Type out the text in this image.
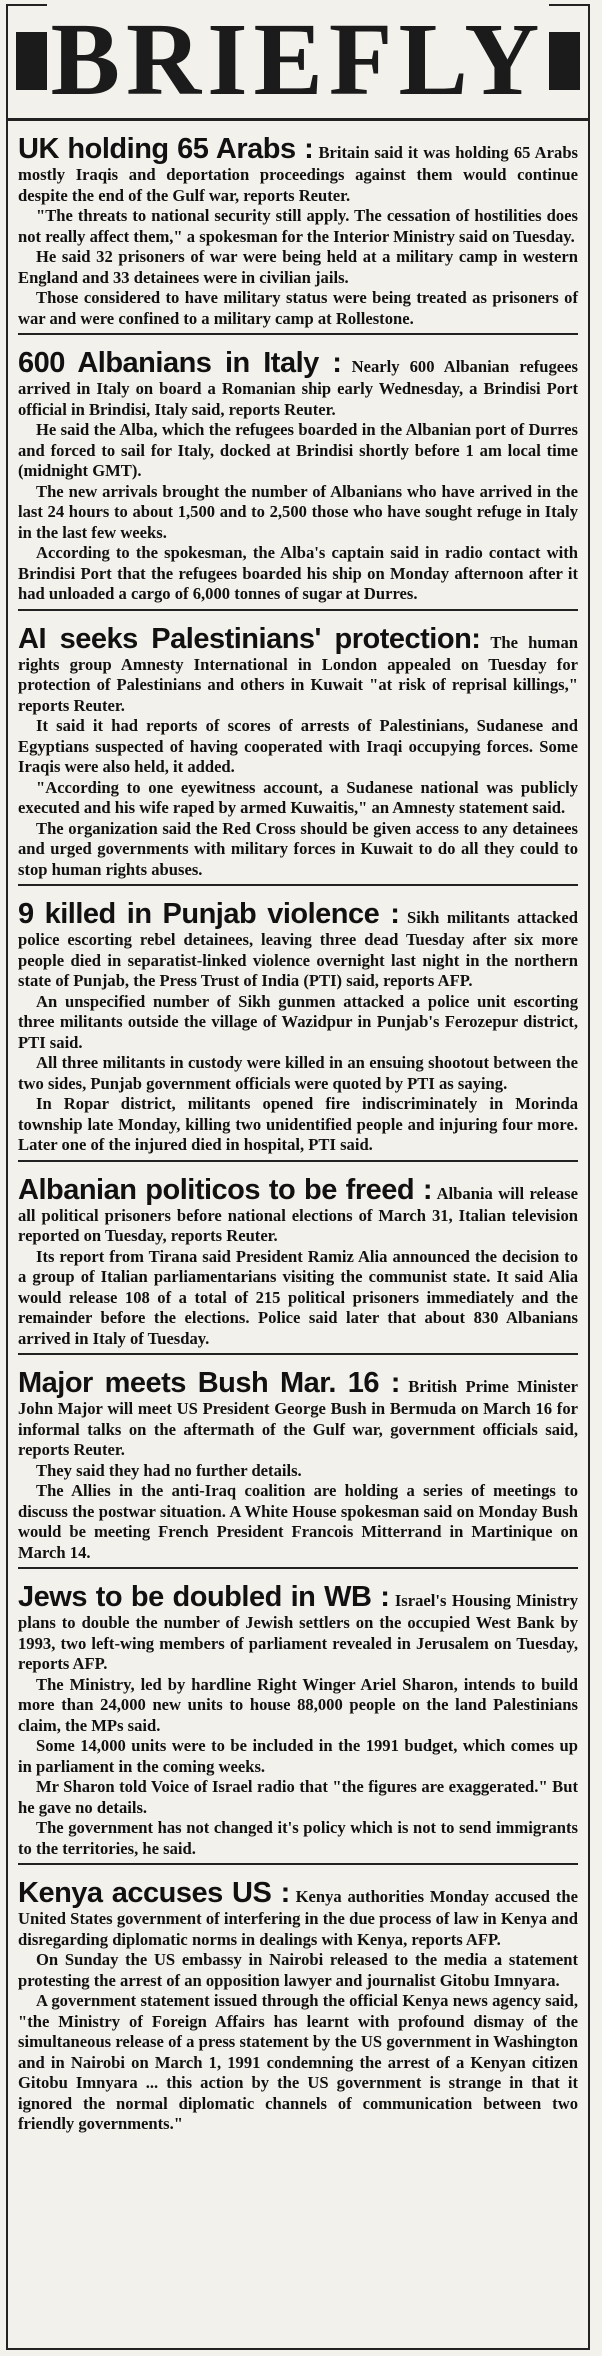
BRIEFLY

UK holding 65 Arabs : Britain said it was holding 65 Arabs mostly Iraqis and deportation proceedings against them would continue despite the end of the Gulf war, reports Reuter.

"The threats to national security still apply. The cessation of hostilities does not really affect them," a spokesman for the Interior Ministry said on Tuesday.

He said 32 prisoners of war were being held at a military camp in western England and 33 detainees were in civilian jails.

Those considered to have military status were being treated as prisoners of war and were confined to a military camp at Rollestone.

600 Albanians in Italy : Nearly 600 Albanian refugees arrived in Italy on board a Romanian ship early Wednesday, a Brindisi Port official in Brindisi, Italy said, reports Reuter.

He said the Alba, which the refugees boarded in the Albanian port of Durres and forced to sail for Italy, docked at Brindisi shortly before 1 am local time (midnight GMT).

The new arrivals brought the number of Albanians who have arrived in the last 24 hours to about 1,500 and to 2,500 those who have sought refuge in Italy in the last few weeks.

According to the spokesman, the Alba's captain said in radio contact with Brindisi Port that the refugees boarded his ship on Monday afternoon after it had unloaded a cargo of 6,000 tonnes of sugar at Durres.

AI seeks Palestinians' protection: The human rights group Amnesty International in London appealed on Tuesday for protection of Palestinians and others in Kuwait "at risk of reprisal killings," reports Reuter.

It said it had reports of scores of arrests of Palestinians, Sudanese and Egyptians suspected of having cooperated with Iraqi occupying forces. Some Iraqis were also held, it added.

"According to one eyewitness account, a Sudanese national was publicly executed and his wife raped by armed Kuwaitis," an Amnesty statement said.

The organization said the Red Cross should be given access to any detainees and urged governments with military forces in Kuwait to do all they could to stop human rights abuses.

9 killed in Punjab violence : Sikh militants attacked police escorting rebel detainees, leaving three dead Tuesday after six more people died in separatist-linked violence overnight last night in the northern state of Punjab, the Press Trust of India (PTI) said, reports AFP.

An unspecified number of Sikh gunmen attacked a police unit escorting three militants outside the village of Wazidpur in Punjab's Ferozepur district, PTI said.

All three militants in custody were killed in an ensuing shootout between the two sides, Punjab government officials were quoted by PTI as saying.

In Ropar district, militants opened fire indiscriminately in Morinda township late Monday, killing two unidentified people and injuring four more. Later one of the injured died in hospital, PTI said.

Albanian politicos to be freed : Albania will release all political prisoners before national elections of March 31, Italian television reported on Tuesday, reports Reuter.

Its report from Tirana said President Ramiz Alia announced the decision to a group of Italian parliamentarians visiting the communist state. It said Alia would release 108 of a total of 215 political prisoners immediately and the remainder before the elections. Police said later that about 830 Albanians arrived in Italy of Tuesday.

Major meets Bush Mar. 16 : British Prime Minister John Major will meet US President George Bush in Bermuda on March 16 for informal talks on the aftermath of the Gulf war, government officials said, reports Reuter.

They said they had no further details.

The Allies in the anti-Iraq coalition are holding a series of meetings to discuss the postwar situation. A White House spokesman said on Monday Bush would be meeting French President Francois Mitterrand in Martinique on March 14.

Jews to be doubled in WB : Israel's Housing Ministry plans to double the number of Jewish settlers on the occupied West Bank by 1993, two left-wing members of parliament revealed in Jerusalem on Tuesday, reports AFP.

The Ministry, led by hardline Right Winger Ariel Sharon, intends to build more than 24,000 new units to house 88,000 people on the land Palestinians claim, the MPs said.

Some 14,000 units were to be included in the 1991 budget, which comes up in parliament in the coming weeks.

Mr Sharon told Voice of Israel radio that "the figures are exaggerated." But he gave no details.

The government has not changed it's policy which is not to send immigrants to the territories, he said.

Kenya accuses US : Kenya authorities Monday accused the United States government of interfering in the due process of law in Kenya and disregarding diplomatic norms in dealings with Kenya, reports AFP.

On Sunday the US embassy in Nairobi released to the media a statement protesting the arrest of an opposition lawyer and journalist Gitobu Imnyara.

A government statement issued through the official Kenya news agency said, "the Ministry of Foreign Affairs has learnt with profound dismay of the simultaneous release of a press statement by the US government in Washington and in Nairobi on March 1, 1991 condemning the arrest of a Kenyan citizen Gitobu Imnyara ... this action by the US government is strange in that it ignored the normal diplomatic channels of communication between two friendly governments."
